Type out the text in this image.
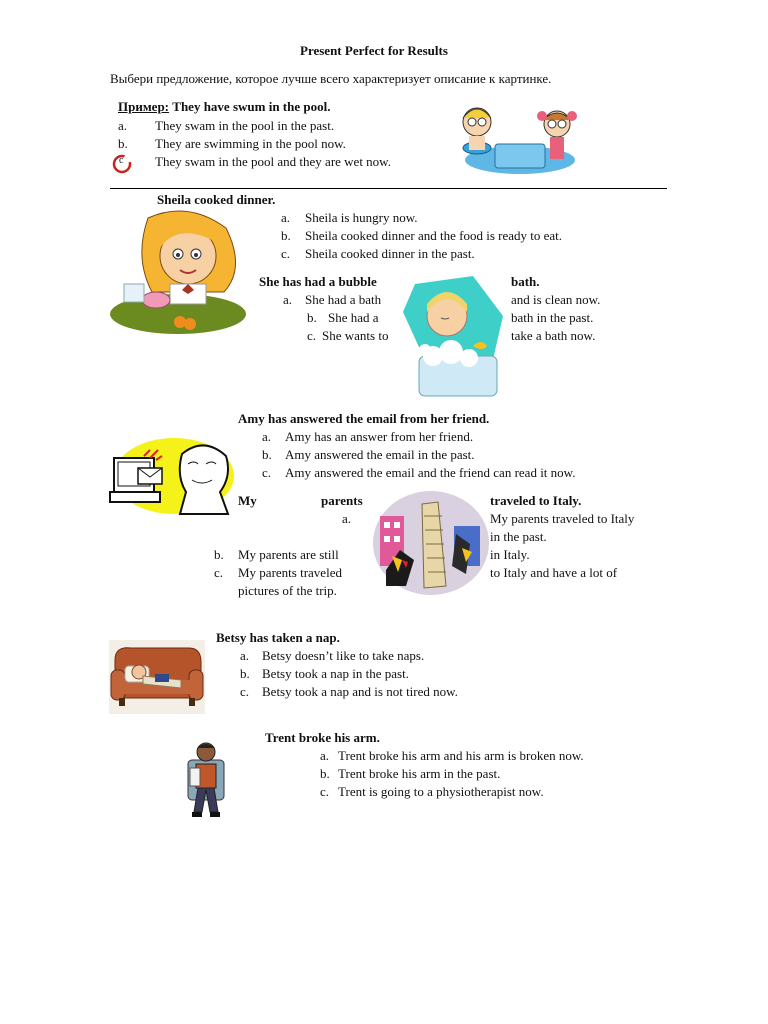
Present Perfect for Results
Выбери предложение, которое лучше всего характеризует описание к картинке.
Пример: They have swum in the pool.
a. They swam in the pool in the past.
b. They are swimming in the pool now.
c They swam in the pool and they are wet now.
Sheila cooked dinner.
a. Sheila is hungry now.
b. Sheila cooked dinner and the food is ready to eat.
c. Sheila cooked dinner in the past.
She has had a bubble	bath.
a. She had a bath	and is clean now.
b. She had a	bath in the past.
c. She wants to	take a bath now.
Amy has answered the email from her friend.
a. Amy has an answer from her friend.
b. Amy answered the email in the past.
c. Amy answered the email and the friend can read it now.
My	parents	traveled to Italy.
a.	My parents traveled to Italy
in the past.
b. My parents are still	in Italy.
c. My parents traveled	to Italy and have a lot of
pictures of the trip.
Betsy has taken a nap.
a. Betsy doesn’t like to take naps.
b. Betsy took a nap in the past.
c. Betsy took a nap and is not tired now.
Trent broke his arm.
a. Trent broke his arm and his arm is broken now.
b. Trent broke his arm in the past.
c. Trent is going to a physiotherapist now.
